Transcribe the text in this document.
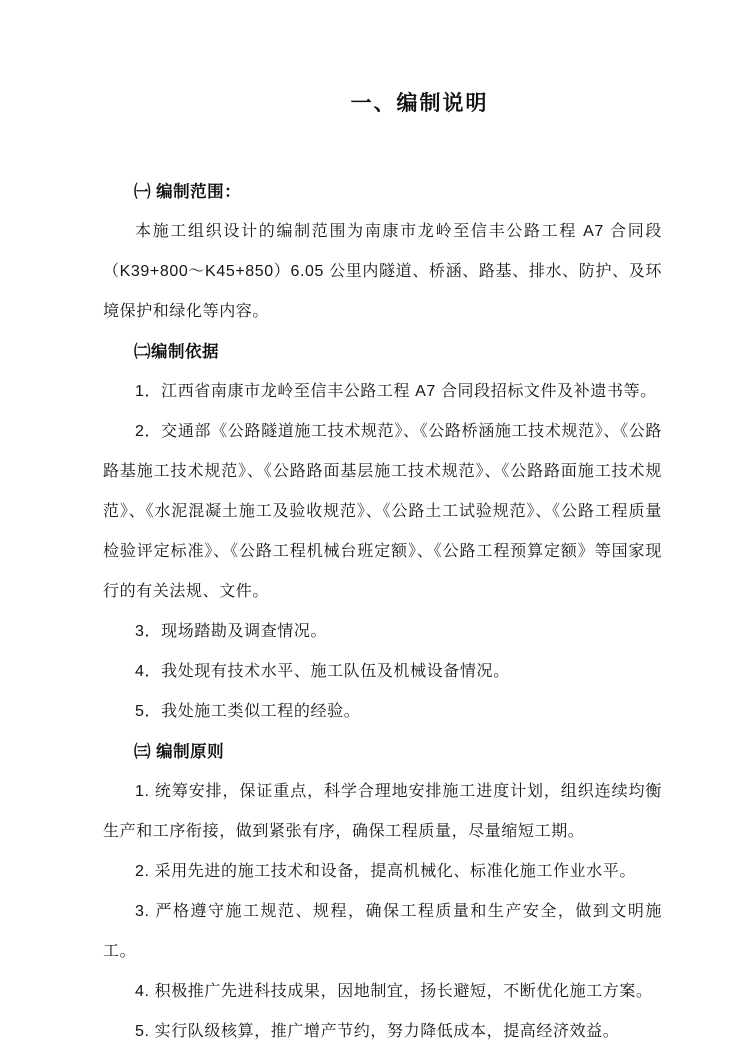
一、编制说明
㈠ 编制范围：

本施工组织设计的编制范围为南康市龙岭至信丰公路工程 A7 合同段（K39+800～K45+850）6.05 公里内隧道、桥涵、路基、排水、防护、及环境保护和绿化等内容。

㈡编制依据

1．江西省南康市龙岭至信丰公路工程 A7 合同段招标文件及补遗书等。

2．交通部《公路隧道施工技术规范》、《公路桥涵施工技术规范》、《公路路基施工技术规范》、《公路路面基层施工技术规范》、《公路路面施工技术规范》、《水泥混凝土施工及验收规范》、《公路土工试验规范》、《公路工程质量检验评定标准》、《公路工程机械台班定额》、《公路工程预算定额》等国家现行的有关法规、文件。

3．现场踏勘及调查情况。

4．我处现有技术水平、施工队伍及机械设备情况。

5．我处施工类似工程的经验。

㈢ 编制原则

1. 统筹安排，保证重点，科学合理地安排施工进度计划，组织连续均衡生产和工序衔接，做到紧张有序，确保工程质量，尽量缩短工期。

2. 采用先进的施工技术和设备，提高机械化、标准化施工作业水平。

3. 严格遵守施工规范、规程，确保工程质量和生产安全，做到文明施工。

4. 积极推广先进科技成果，因地制宜，扬长避短，不断优化施工方案。

5. 实行队级核算，推广增产节约，努力降低成本，提高经济效益。
